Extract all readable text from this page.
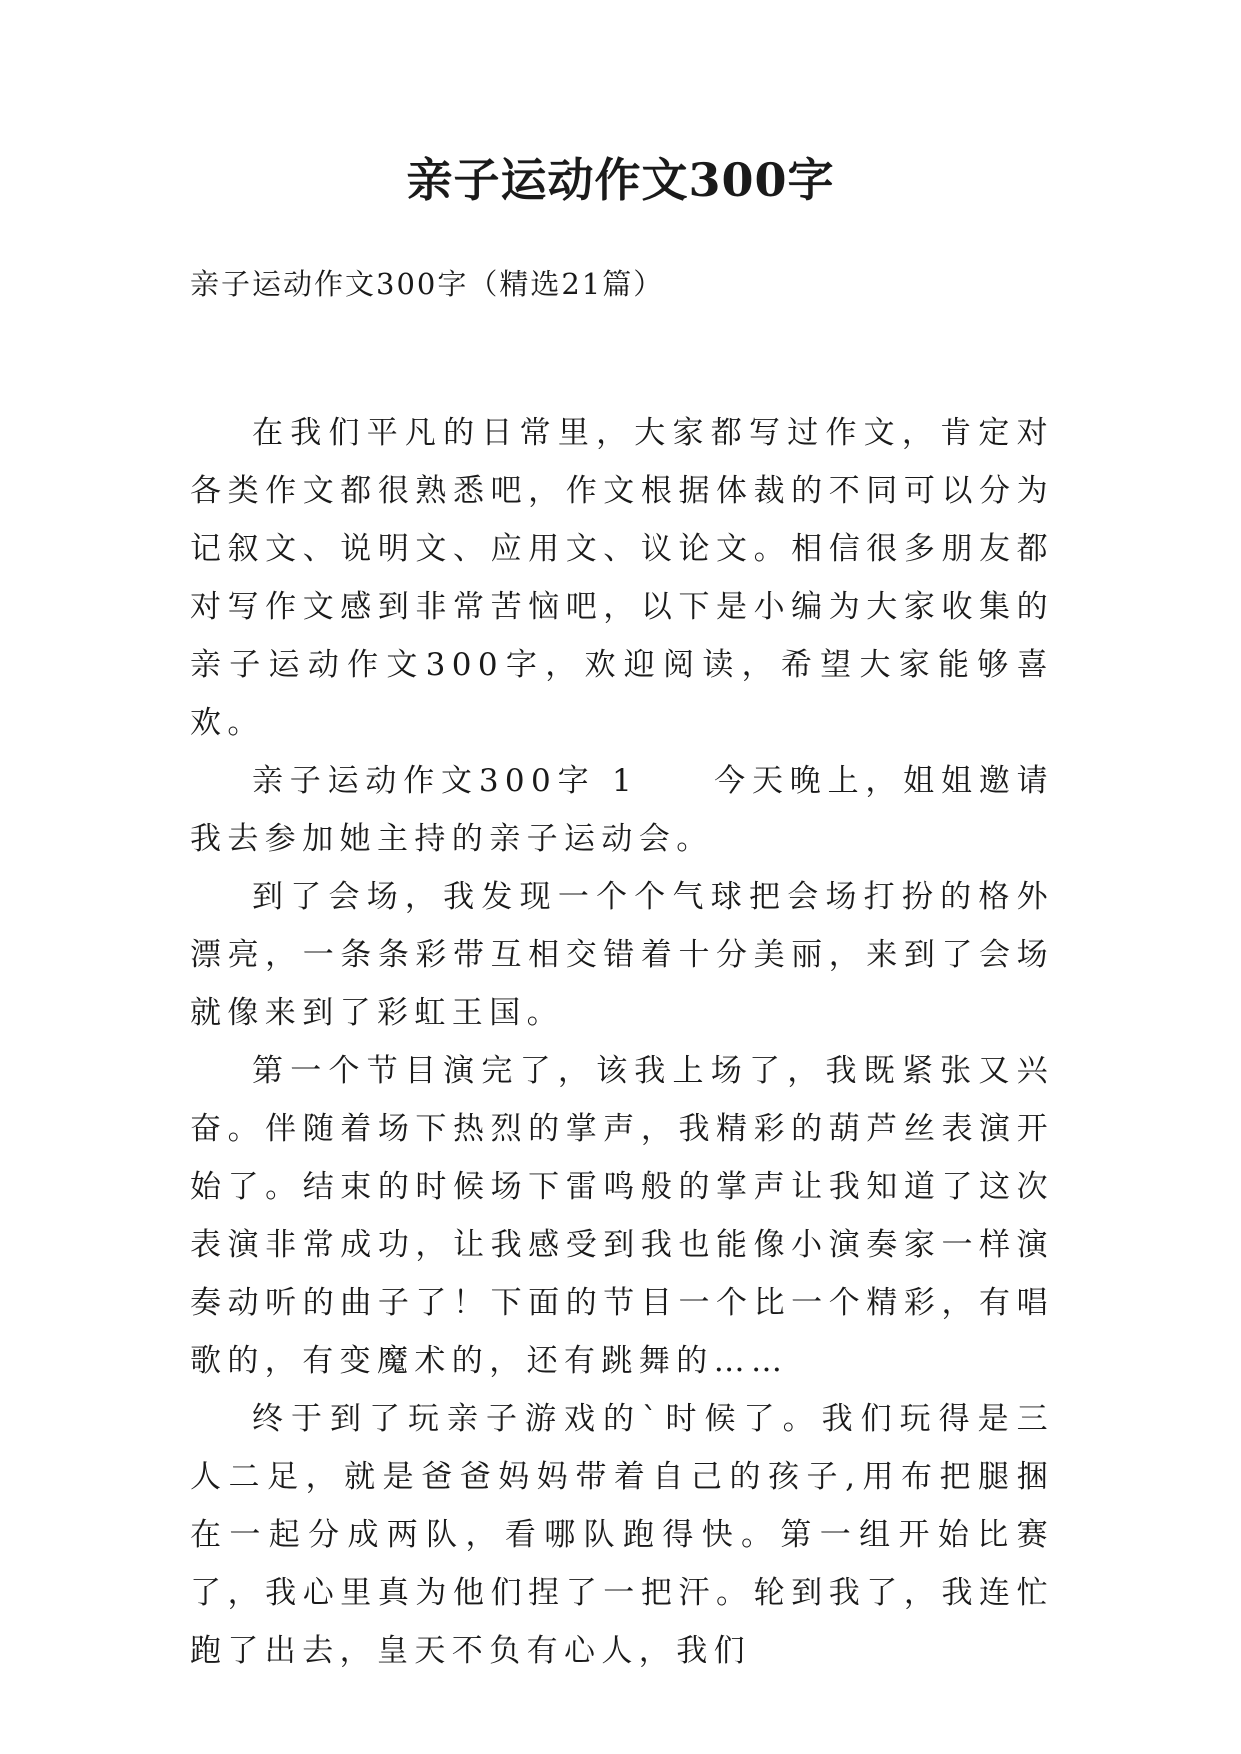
亲子运动作文300字

亲子运动作文300字（精选21篇）

在我们平凡的日常里，大家都写过作文，肯定对各类作文都很熟悉吧，作文根据体裁的不同可以分为记叙文、说明文、应用文、议论文。相信很多朋友都对写作文感到非常苦恼吧，以下是小编为大家收集的亲子运动作文300字，欢迎阅读，希望大家能够喜欢。

亲子运动作文300字 1　　今天晚上，姐姐邀请我去参加她主持的亲子运动会。

到了会场，我发现一个个气球把会场打扮的格外漂亮，一条条彩带互相交错着十分美丽，来到了会场就像来到了彩虹王国。

第一个节目演完了，该我上场了，我既紧张又兴奋。伴随着场下热烈的掌声，我精彩的葫芦丝表演开始了。结束的时候场下雷鸣般的掌声让我知道了这次表演非常成功，让我感受到我也能像小演奏家一样演奏动听的曲子了！下面的节目一个比一个精彩，有唱歌的，有变魔术的，还有跳舞的……

终于到了玩亲子游戏的`时候了。我们玩得是三人二足，就是爸爸妈妈带着自己的孩子,用布把腿捆在一起分成两队，看哪队跑得快。第一组开始比赛了，我心里真为他们捏了一把汗。轮到我了，我连忙跑了出去，皇天不负有心人，我们
